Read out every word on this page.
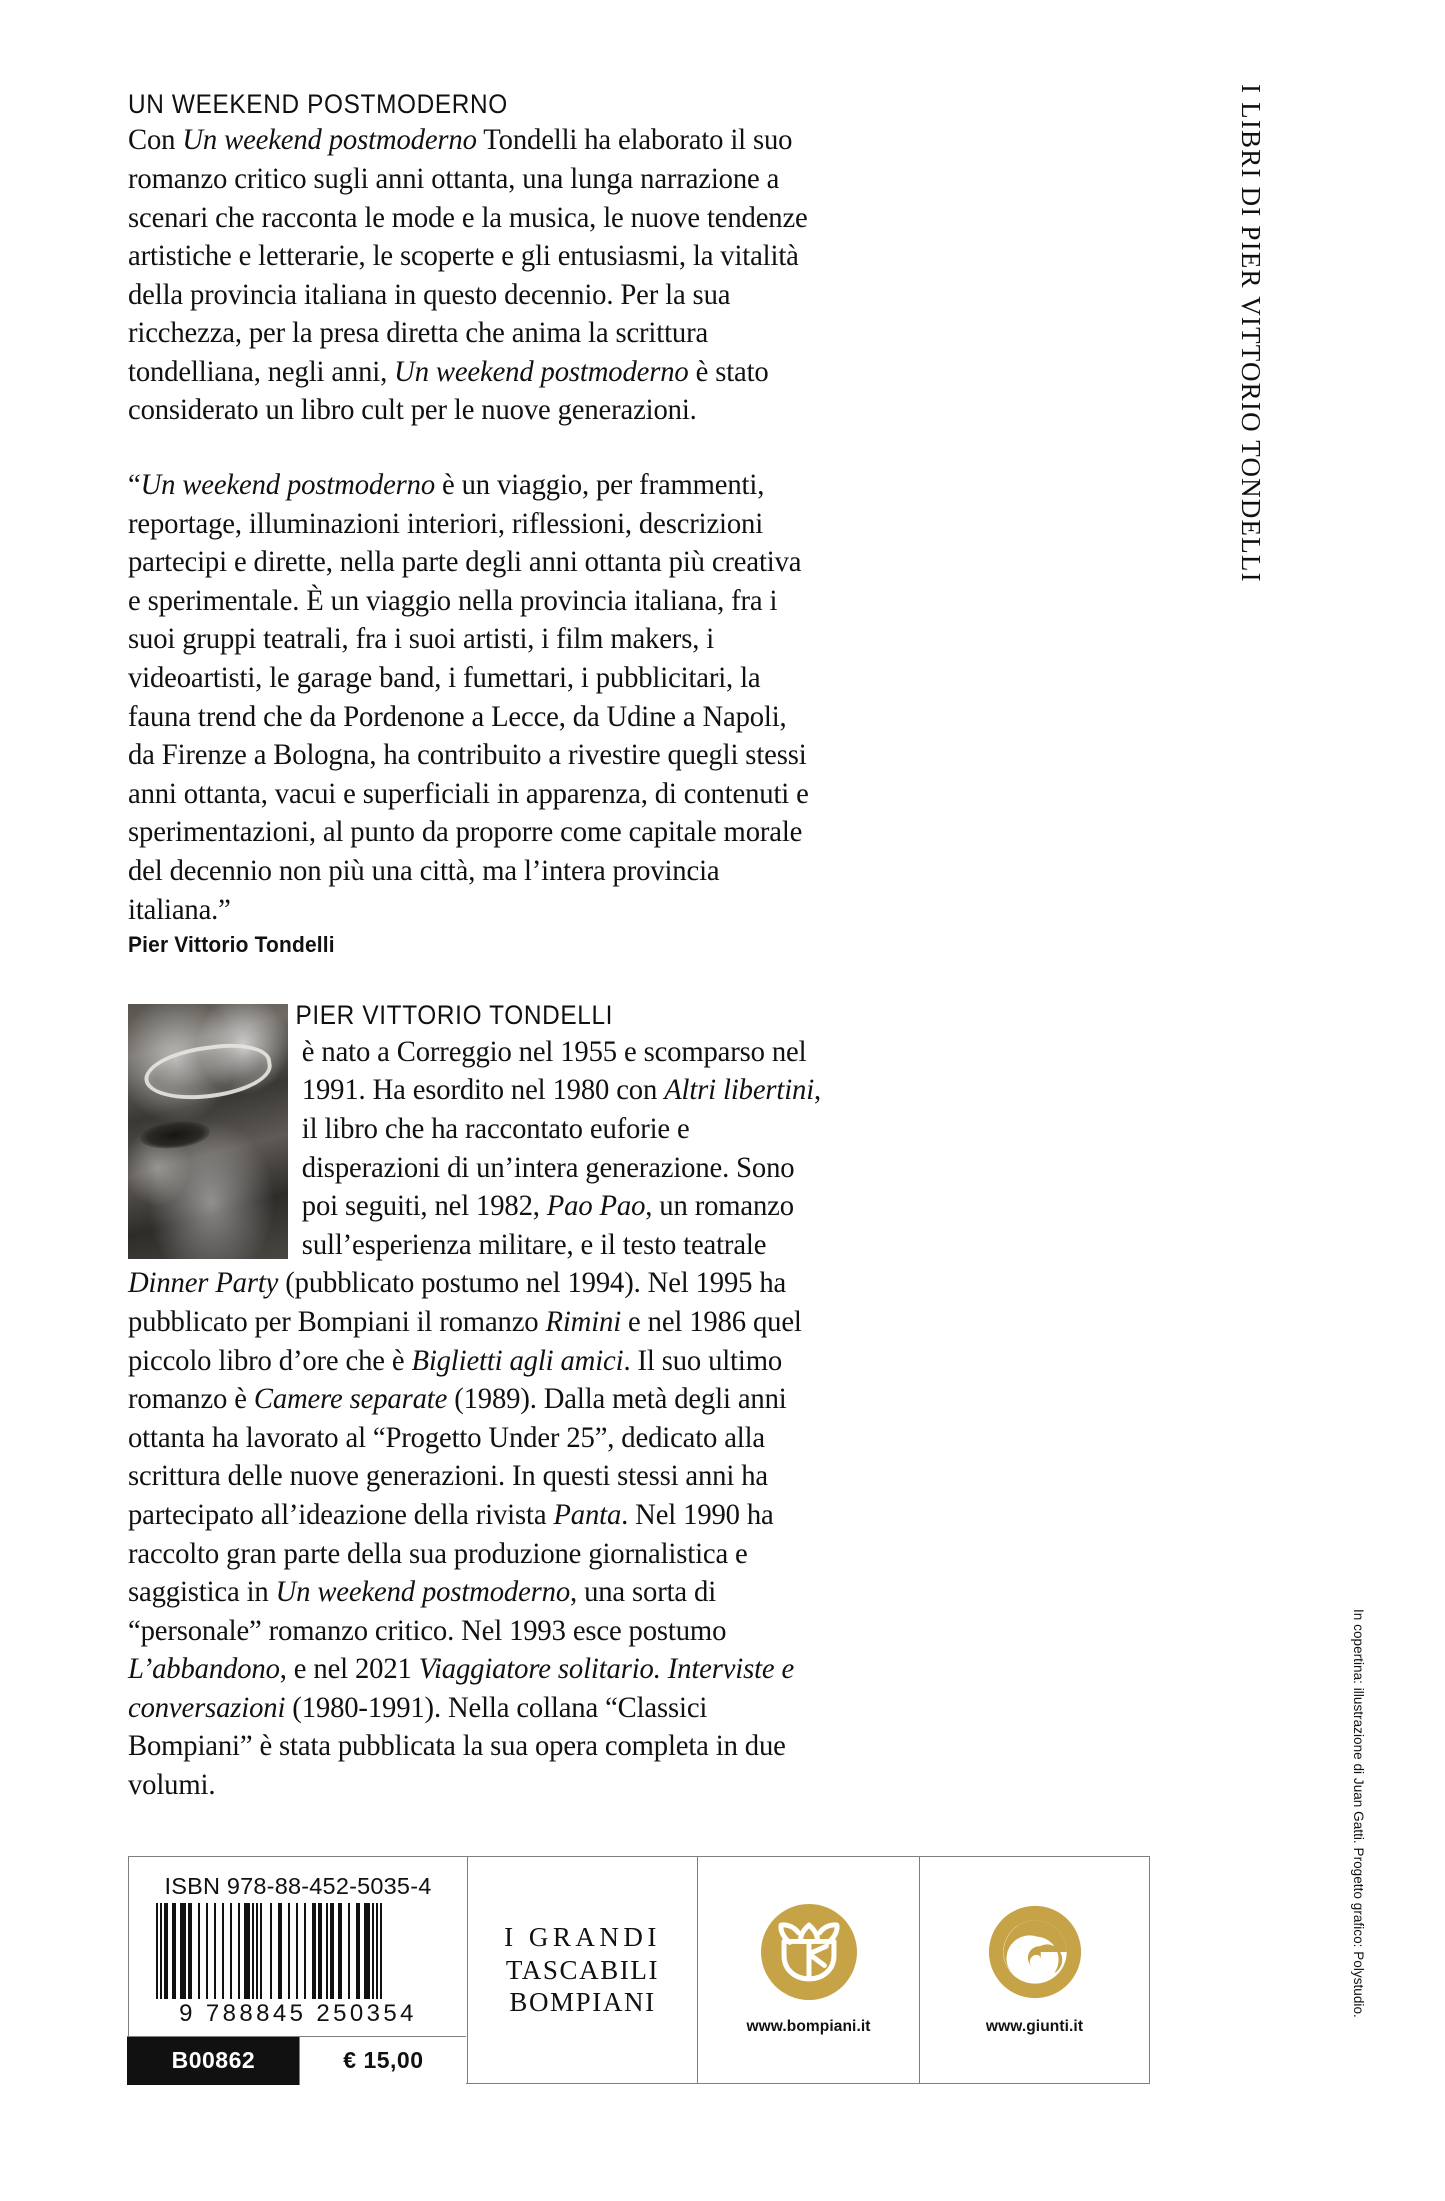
UN WEEKEND POSTMODERNO

Con Un weekend postmoderno Tondelli ha elaborato il suo romanzo critico sugli anni ottanta, una lunga narrazione a scenari che racconta le mode e la musica, le nuove tendenze artistiche e letterarie, le scoperte e gli entusiasmi, la vitalità della provincia italiana in questo decennio. Per la sua ricchezza, per la presa diretta che anima la scrittura tondelliana, negli anni, Un weekend postmoderno è stato considerato un libro cult per le nuove generazioni.

“Un weekend postmoderno è un viaggio, per frammenti, reportage, illuminazioni interiori, riflessioni, descrizioni partecipi e dirette, nella parte degli anni ottanta più creativa e sperimentale. È un viaggio nella provincia italiana, fra i suoi gruppi teatrali, fra i suoi artisti, i film makers, i videoartisti, le garage band, i fumettari, i pubblicitari, la fauna trend che da Pordenone a Lecce, da Udine a Napoli, da Firenze a Bologna, ha contribuito a rivestire quegli stessi anni ottanta, vacui e superficiali in apparenza, di contenuti e sperimentazioni, al punto da proporre come capitale morale del decennio non più una città, ma l’intera provincia italiana.”

Pier Vittorio Tondelli

PIER VITTORIO TONDELLI
è nato a Correggio nel 1955 e scomparso nel 1991. Ha esordito nel 1980 con Altri libertini, il libro che ha raccontato euforie e disperazioni di un’intera generazione. Sono poi seguiti, nel 1982, Pao Pao, un romanzo sull’esperienza militare, e il testo teatrale Dinner Party (pubblicato postumo nel 1994). Nel 1995 ha pubblicato per Bompiani il romanzo Rimini e nel 1986 quel piccolo libro d’ore che è Biglietti agli amici. Il suo ultimo romanzo è Camere separate (1989). Dalla metà degli anni ottanta ha lavorato al “Progetto Under 25”, dedicato alla scrittura delle nuove generazioni. In questi stessi anni ha partecipato all’ideazione della rivista Panta. Nel 1990 ha raccolto gran parte della sua produzione giornalistica e saggistica in Un weekend postmoderno, una sorta di “personale” romanzo critico. Nel 1993 esce postumo L’abbandono, e nel 2021 Viaggiatore solitario. Interviste e conversazioni (1980-1991). Nella collana “Classici Bompiani” è stata pubblicata la sua opera completa in due volumi.
I LIBRI DI PIER VITTORIO TONDELLI
In copertina: illustrazione di Juan Gatti. Progetto grafico: Polystudio.
ISBN 978-88-452-5035-4
9 788845 250354
B00862	€ 15,00
I GRANDI
TASCABILI
BOMPIANI
www.bompiani.it	www.giunti.it
